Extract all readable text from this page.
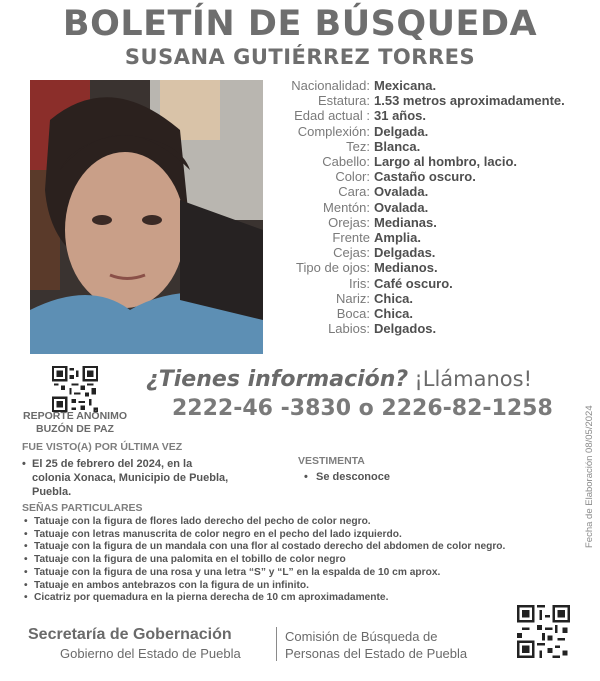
BOLETÍN DE BÚSQUEDA
SUSANA GUTIÉRREZ TORRES
Nacionalidad: Mexicana.
Estatura: 1.53 metros aproximadamente.
Edad actual : 31 años.
Complexión: Delgada.
Tez: Blanca.
Cabello: Largo al hombro, lacio.
Color: Castaño oscuro.
Cara: Ovalada.
Mentón: Ovalada.
Orejas: Medianas.
Frente Amplia.
Cejas: Delgadas.
Tipo de ojos: Medianos.
Iris: Café oscuro.
Nariz: Chica.
Boca: Chica.
Labios: Delgados.
REPORTE ANÓNIMO
BUZÓN DE PAZ
¿Tienes información? ¡Llámanos!
2222-46 -3830 o 2226-82-1258
FUE VISTO(A) POR ÚLTIMA VEZ
• El 25 de febrero del 2024, en la colonia Xonaca, Municipio de Puebla, Puebla.
VESTIMENTA
• Se desconoce
SEÑAS PARTICULARES
• Tatuaje con la figura de flores lado derecho del pecho de color negro.
• Tatuaje con letras manuscrita de color negro en el pecho del lado izquierdo.
• Tatuaje con la figura de un mandala con una flor al costado derecho del abdomen de color negro.
• Tatuaje con la figura de una palomita en el tobillo de color negro
• Tatuaje con la figura de una rosa y una letra “S” y “L” en la espalda de 10 cm aprox.
• Tatuaje en ambos antebrazos con la figura de un infinito.
• Cicatriz por quemadura en la pierna derecha de 10 cm aproximadamente.
Fecha de Elaboración 08/05/2024
Secretaría de Gobernación
Gobierno del Estado de Puebla
Comisión de Búsqueda de
Personas del Estado de Puebla
